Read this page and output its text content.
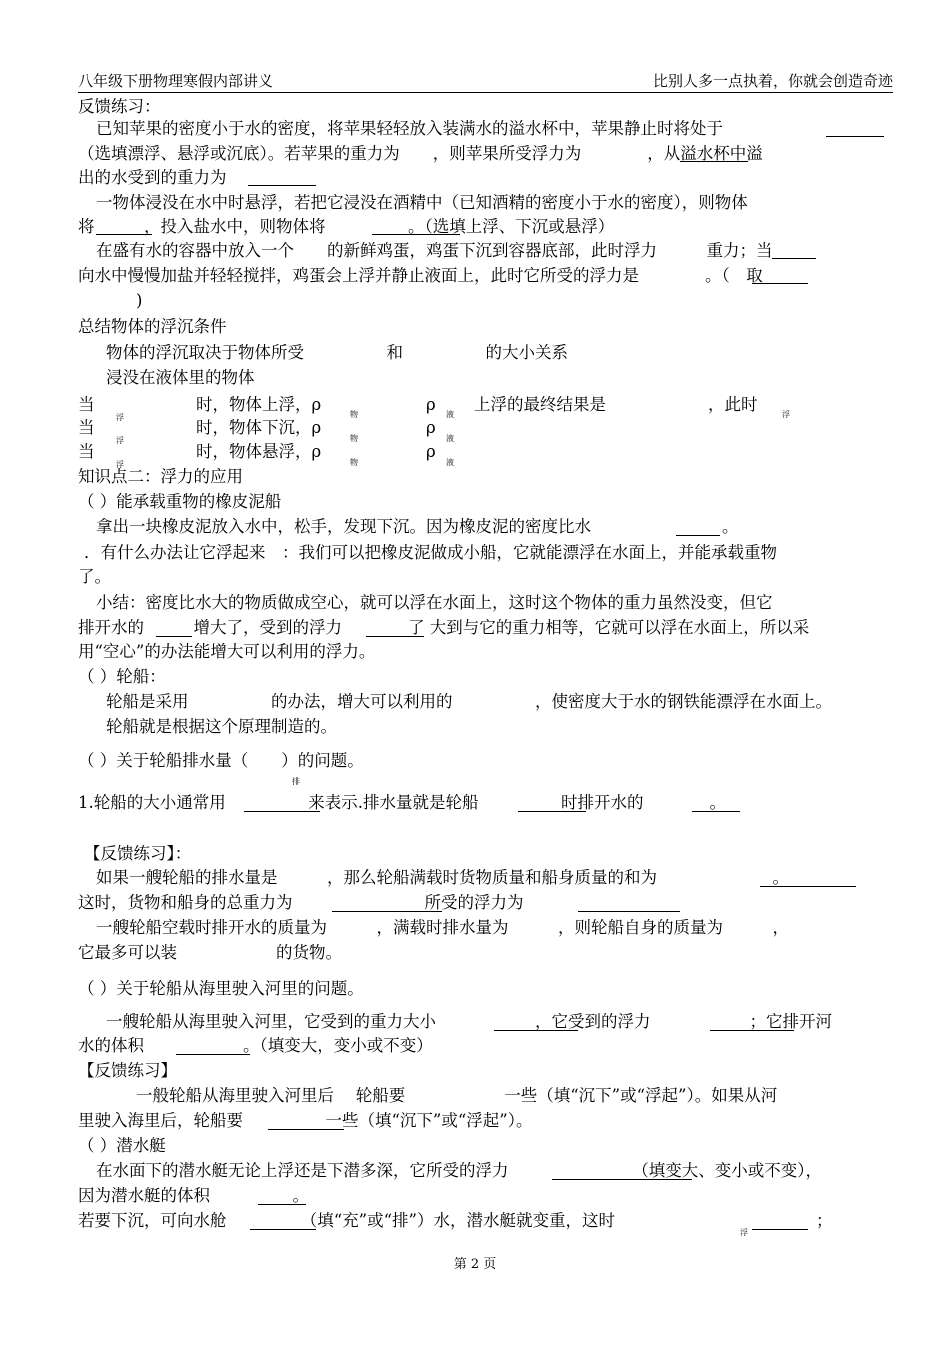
八年级下册物理寒假内部讲义	比别人多一点执着，你就会创造奇迹
反馈练习：
已知苹果的密度小于水的密度，将苹果轻轻放入装满水的溢水杯中，苹果静止时将处于
（选填漂浮、悬浮或沉底）。若苹果的重力为　　，则苹果所受浮力为　　　　，从溢水杯中溢
出的水受到的重力为
一物体浸没在水中时悬浮，若把它浸没在酒精中（已知酒精的密度小于水的密度），则物体
将　　　，投入盐水中，则物体将　　　　　。（选填上浮、下沉或悬浮）
在盛有水的容器中放入一个　　的新鲜鸡蛋，鸡蛋下沉到容器底部，此时浮力　　　重力；当
向水中慢慢加盐并轻轻搅拌，鸡蛋会上浮并静止液面上，此时它所受的浮力是　　　　。（　取
)
总结物体的浮沉条件
物体的浮沉取决于物体所受　　　　　和　　　　　的大小关系
浸没在液体里的物体
当
浮
时，物体上浮，ρ
物
ρ
液
上浮的最终结果是	，此时
浮
当
浮
时，物体下沉，ρ
物
ρ
液
当
浮
时，物体悬浮，ρ
物
ρ
液
知识点二：浮力的应用
（ ）能承载重物的橡皮泥船
拿出一块橡皮泥放入水中，松手，发现下沉。因为橡皮泥的密度比水	。
．有什么办法让它浮起来　：我们可以把橡皮泥做成小船，它就能漂浮在水面上，并能承载重物
了。
小结：密度比水大的物质做成空心，就可以浮在水面上，这时这个物体的重力虽然没变，但它
排开水的　　　增大了，受到的浮力　　　　了 大到与它的重力相等，它就可以浮在水面上，所以采
用“空心”的办法能增大可以利用的浮力。
（ ）轮船：
轮船是采用　　　　　的办法，增大可以利用的　　　　　，使密度大于水的钢铁能漂浮在水面上。
轮船就是根据这个原理制造的。
（ ）关于轮船排水量（　　）的问题。
排
1.轮船的大小通常用　　　　　来表示.排水量就是轮船　　　　　时排开水的　　　　。
【反馈练习】：
如果一艘轮船的排水量是　　　，那么轮船满载时货物质量和船身质量的和为　　　　　　　。
这时，货物和船身的总重力为　　　　　　　　所受的浮力为
一艘轮船空载时排开水的质量为　　　，满载时排水量为　　　，则轮船自身的质量为　　　，
它最多可以装　　　　　　的货物。
（ ）关于轮船从海里驶入河里的问题。
一艘轮船从海里驶入河里，它受到的重力大小　　　　　　，它受到的浮力　　　　　　；它排开河
水的体积　　　　　　。（填变大，变小或不变）
【反馈练习】
一般轮船从海里驶入河里后　 轮船要　　　　　　一些（填“沉下”或“浮起”）。如果从河
里驶入海里后，轮船要　　　　　一些（填“沉下”或“浮起”）。
（ ）潜水艇
在水面下的潜水艇无论上浮还是下潜多深，它所受的浮力　　　　　　　　（填变大、变小或不变），
因为潜水艇的体积　　　　　。
若要下沉，可向水舱　　　　　（填“充”或“排”）水，潜水艇就变重，这时
浮
；
第 2 页
